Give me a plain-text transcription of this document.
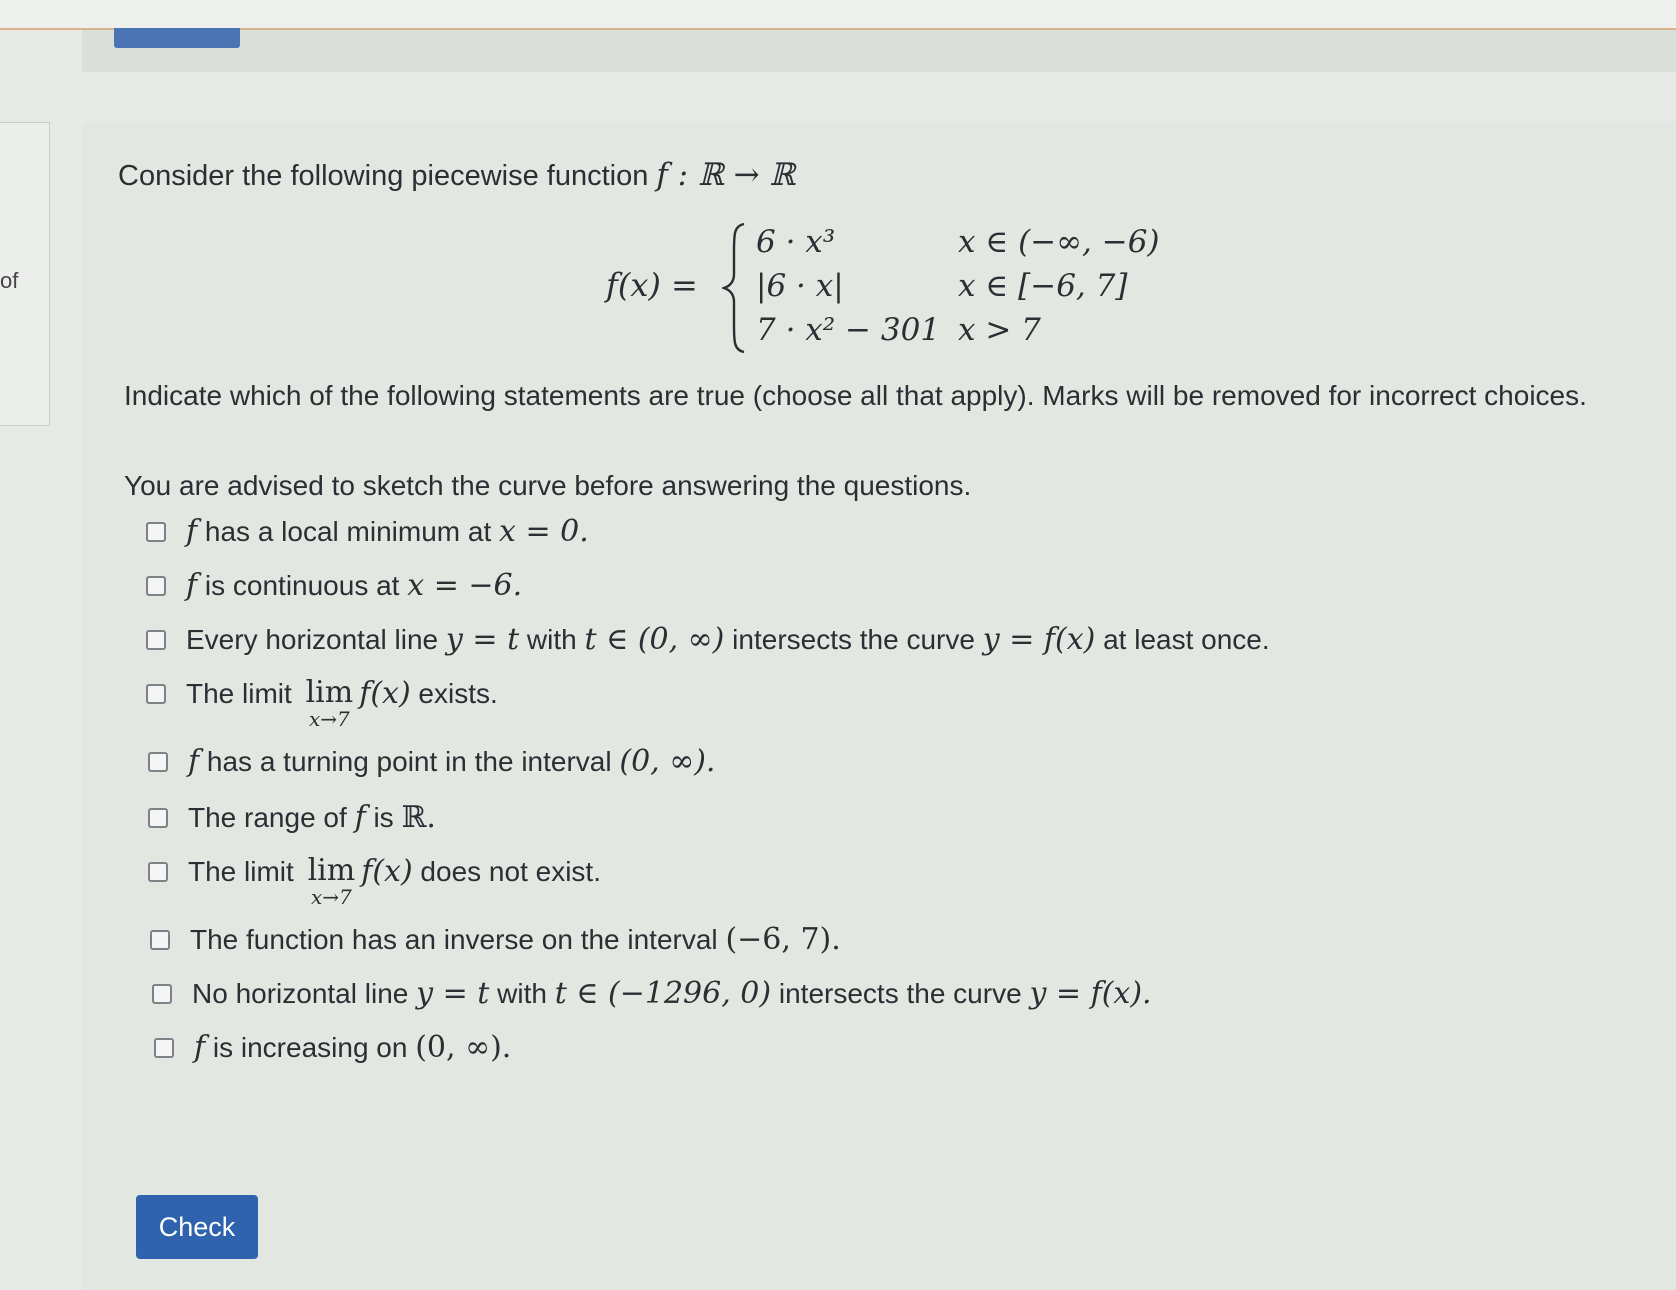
of
Consider the following piecewise function f : ℝ → ℝ
f(x) =
6 · x³	x ∈ (−∞, −6)
|6 · x|	x ∈ [−6, 7]
7 · x² − 301 x > 7
Indicate which of the following statements are true (choose all that apply). Marks will be removed for incorrect choices.
You are advised to sketch the curve before answering the questions.
f has a local minimum at x = 0.
f is continuous at x = −6.
Every horizontal line y = t with t ∈ (0, ∞) intersects the curve y = f(x) at least once.
The limit lim
x→7
f(x) exists.
f has a turning point in the interval (0, ∞).
The range of f is ℝ.
The limit lim
x→7
f(x) does not exist.
The function has an inverse on the interval (−6, 7).
No horizontal line y = t with t ∈ (−1296, 0) intersects the curve y = f(x).
f is increasing on (0, ∞).
Check
